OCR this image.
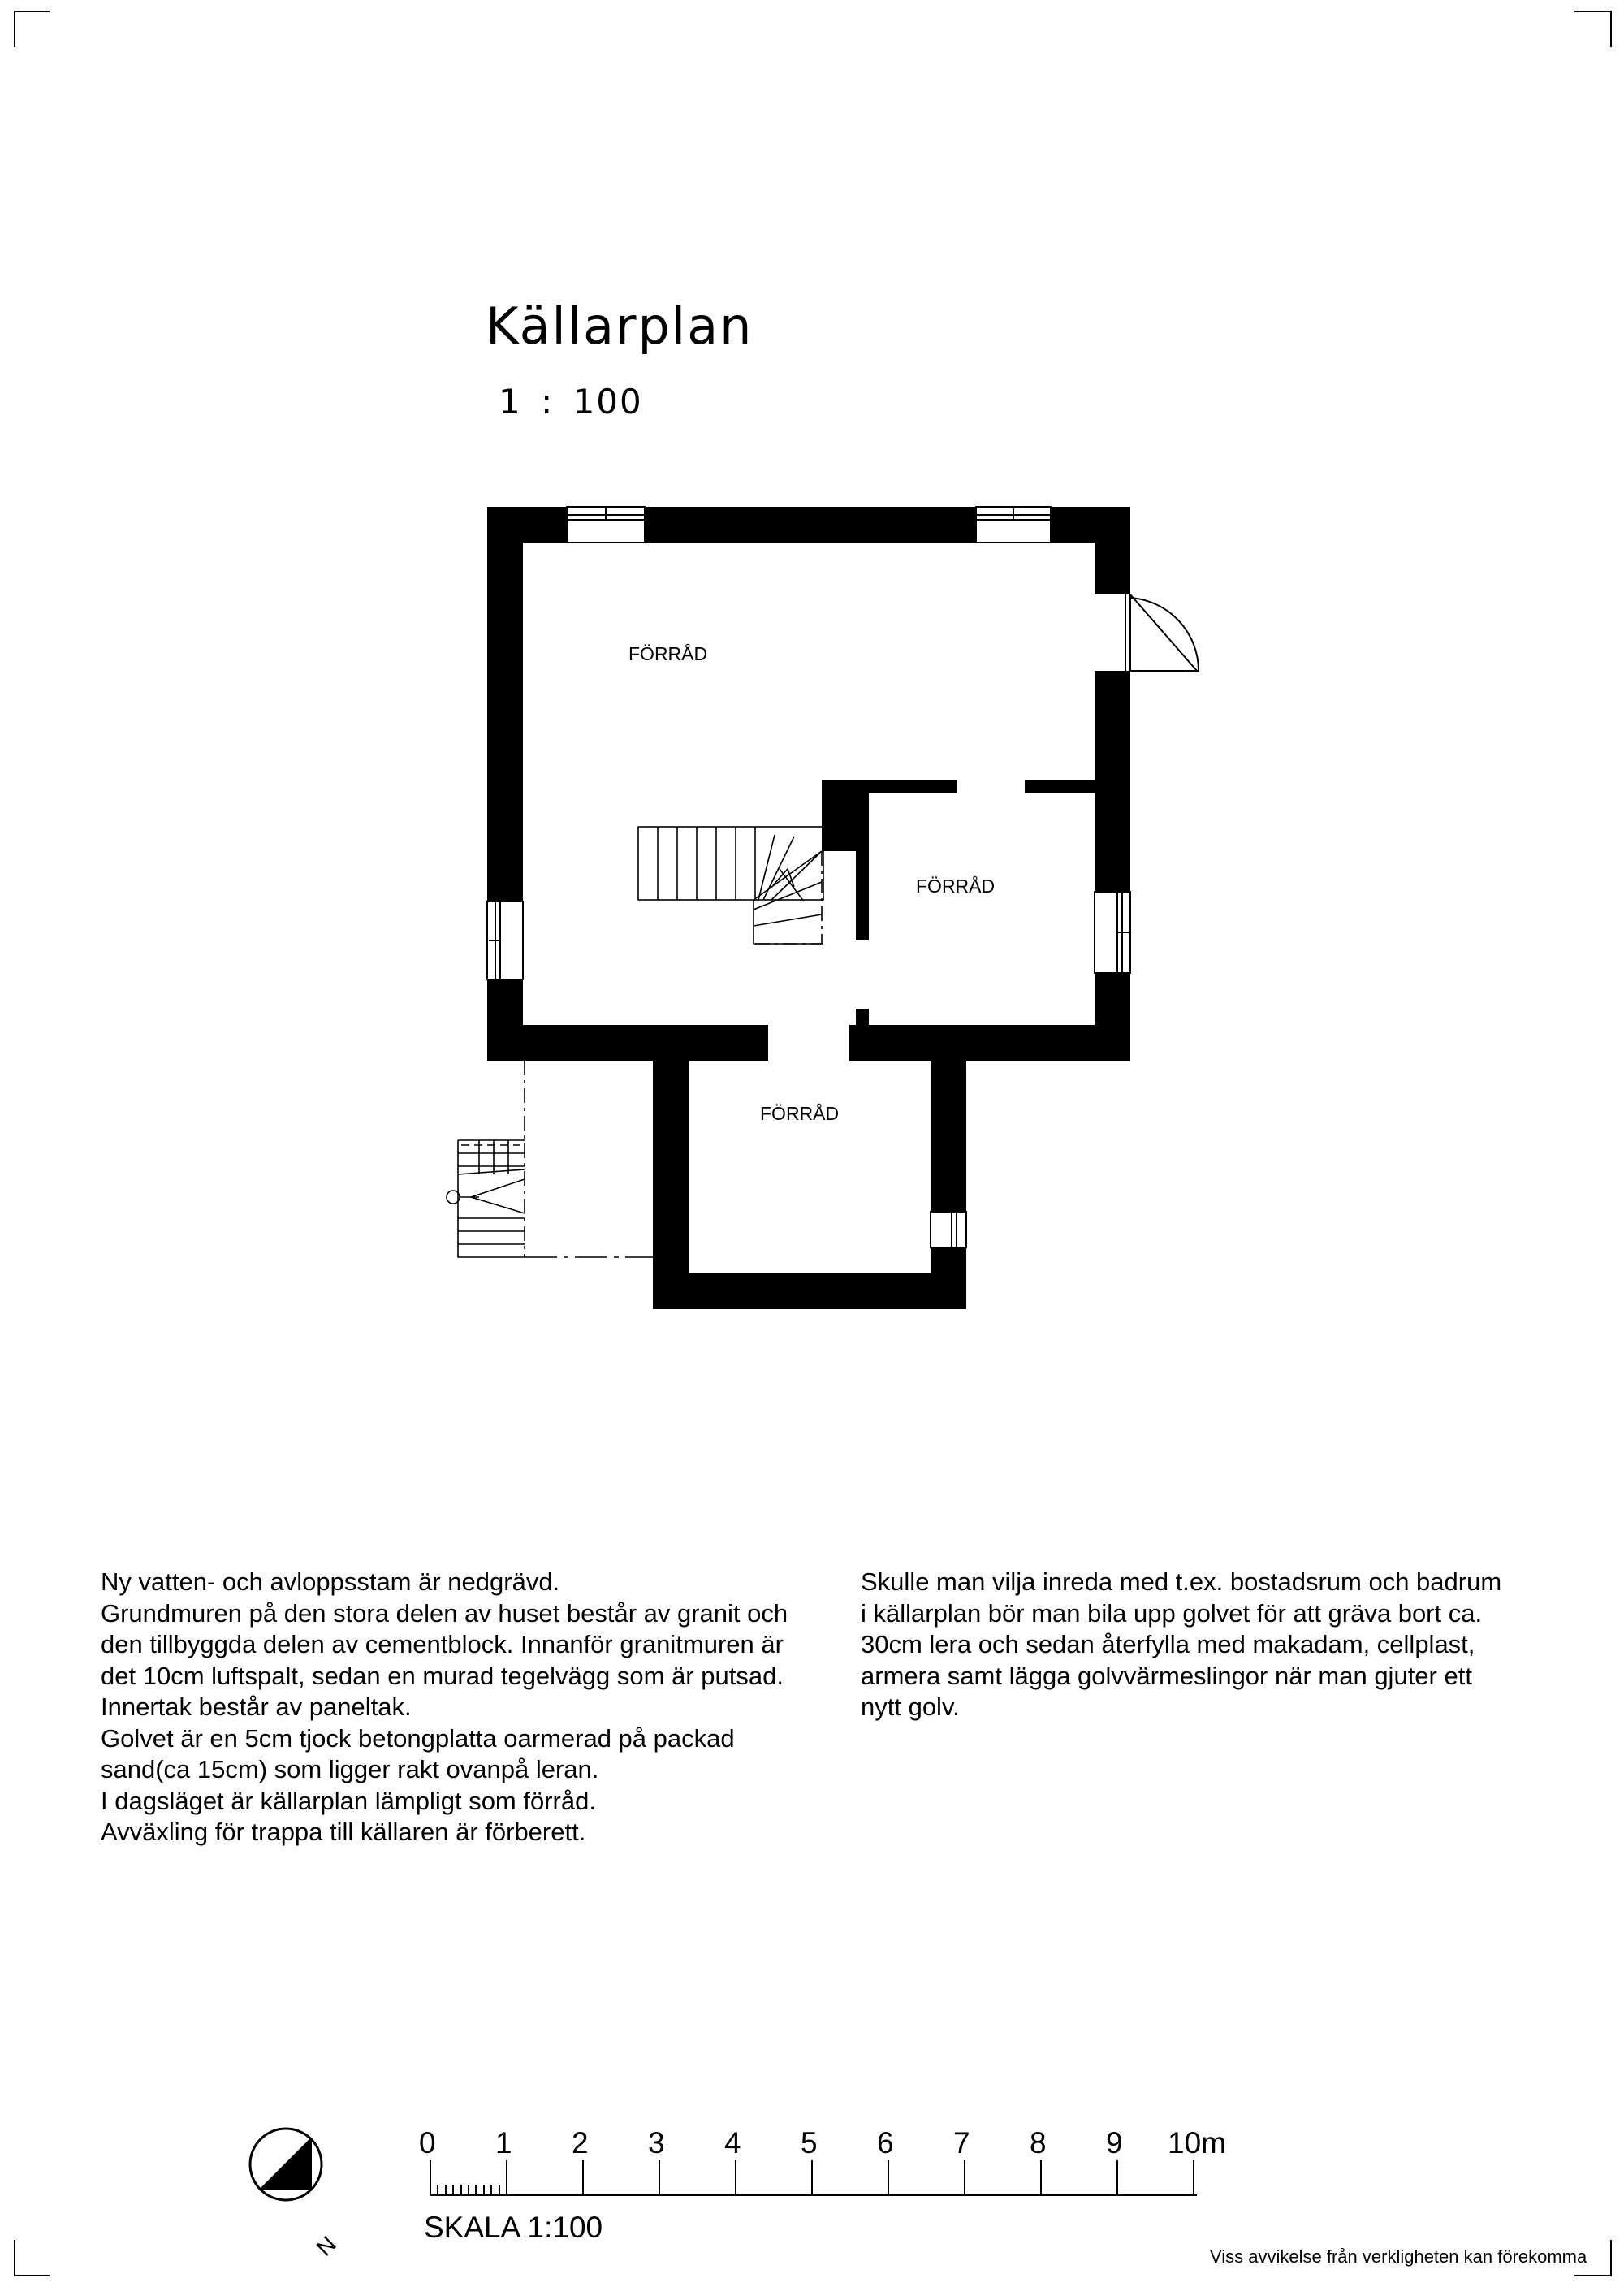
Källarplan
1 : 100
FÖRRÅD
FÖRRÅD
FÖRRÅD
Ny vatten- och avloppsstam är nedgrävd.
Grundmuren på den stora delen av huset består av granit och
den tillbyggda delen av cementblock. Innanför granitmuren är
det 10cm luftspalt, sedan en murad tegelvägg som är putsad.
Innertak består av paneltak.
Golvet är en 5cm tjock betongplatta oarmerad på packad
sand(ca 15cm) som ligger rakt ovanpå leran.
I dagsläget är källarplan lämpligt som förråd.
Avväxling för trappa till källaren är förberett.
Skulle man vilja inreda med t.ex. bostadsrum och badrum
i källarplan bör man bila upp golvet för att gräva bort ca.
30cm lera och sedan återfylla med makadam, cellplast,
armera samt lägga golvvärmeslingor när man gjuter ett
nytt golv.
N
0 1 2 3 4 5 6 7 8 9 10m
SKALA 1:100
Viss avvikelse från verkligheten kan förekomma
